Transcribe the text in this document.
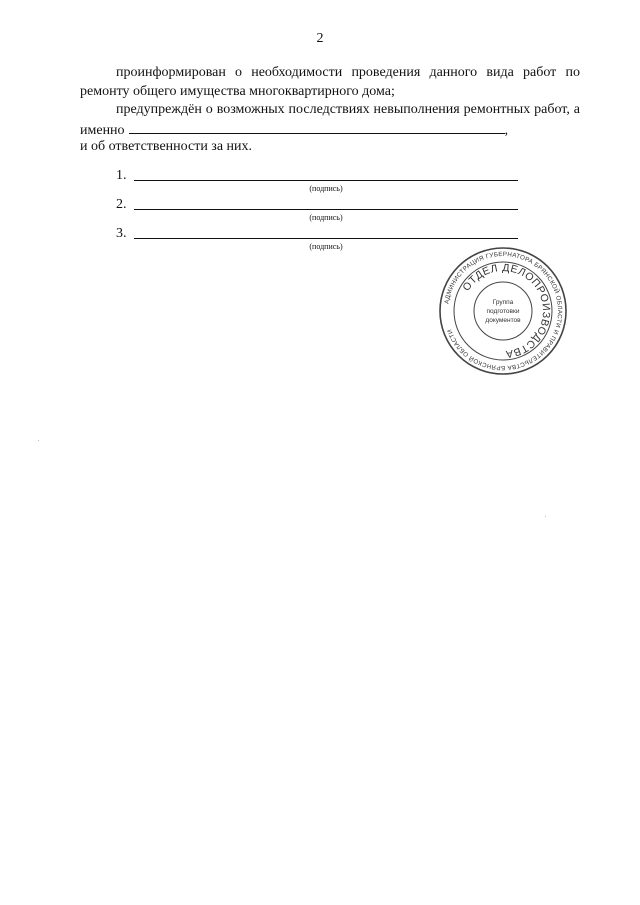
2
проинформирован о необходимости проведения данного вида работ по ремонту общего имущества многоквартирного дома;
предупреждён о возможных последствиях невыполнения ремонтных работ, а именно	,
и об ответственности за них.
1.
(подпись)
2.
(подпись)
3.
(подпись)
АДМИНИСТРАЦИЯ ГУБЕРНАТОРА БРЯНСКОЙ ОБЛАСТИ И ПРАВИТЕЛЬСТВА БРЯНСКОЙ ОБЛАСТИ
ОТДЕЛ ДЕЛОПРОИЗВОДСТВА
Группа
подготовки
документов
